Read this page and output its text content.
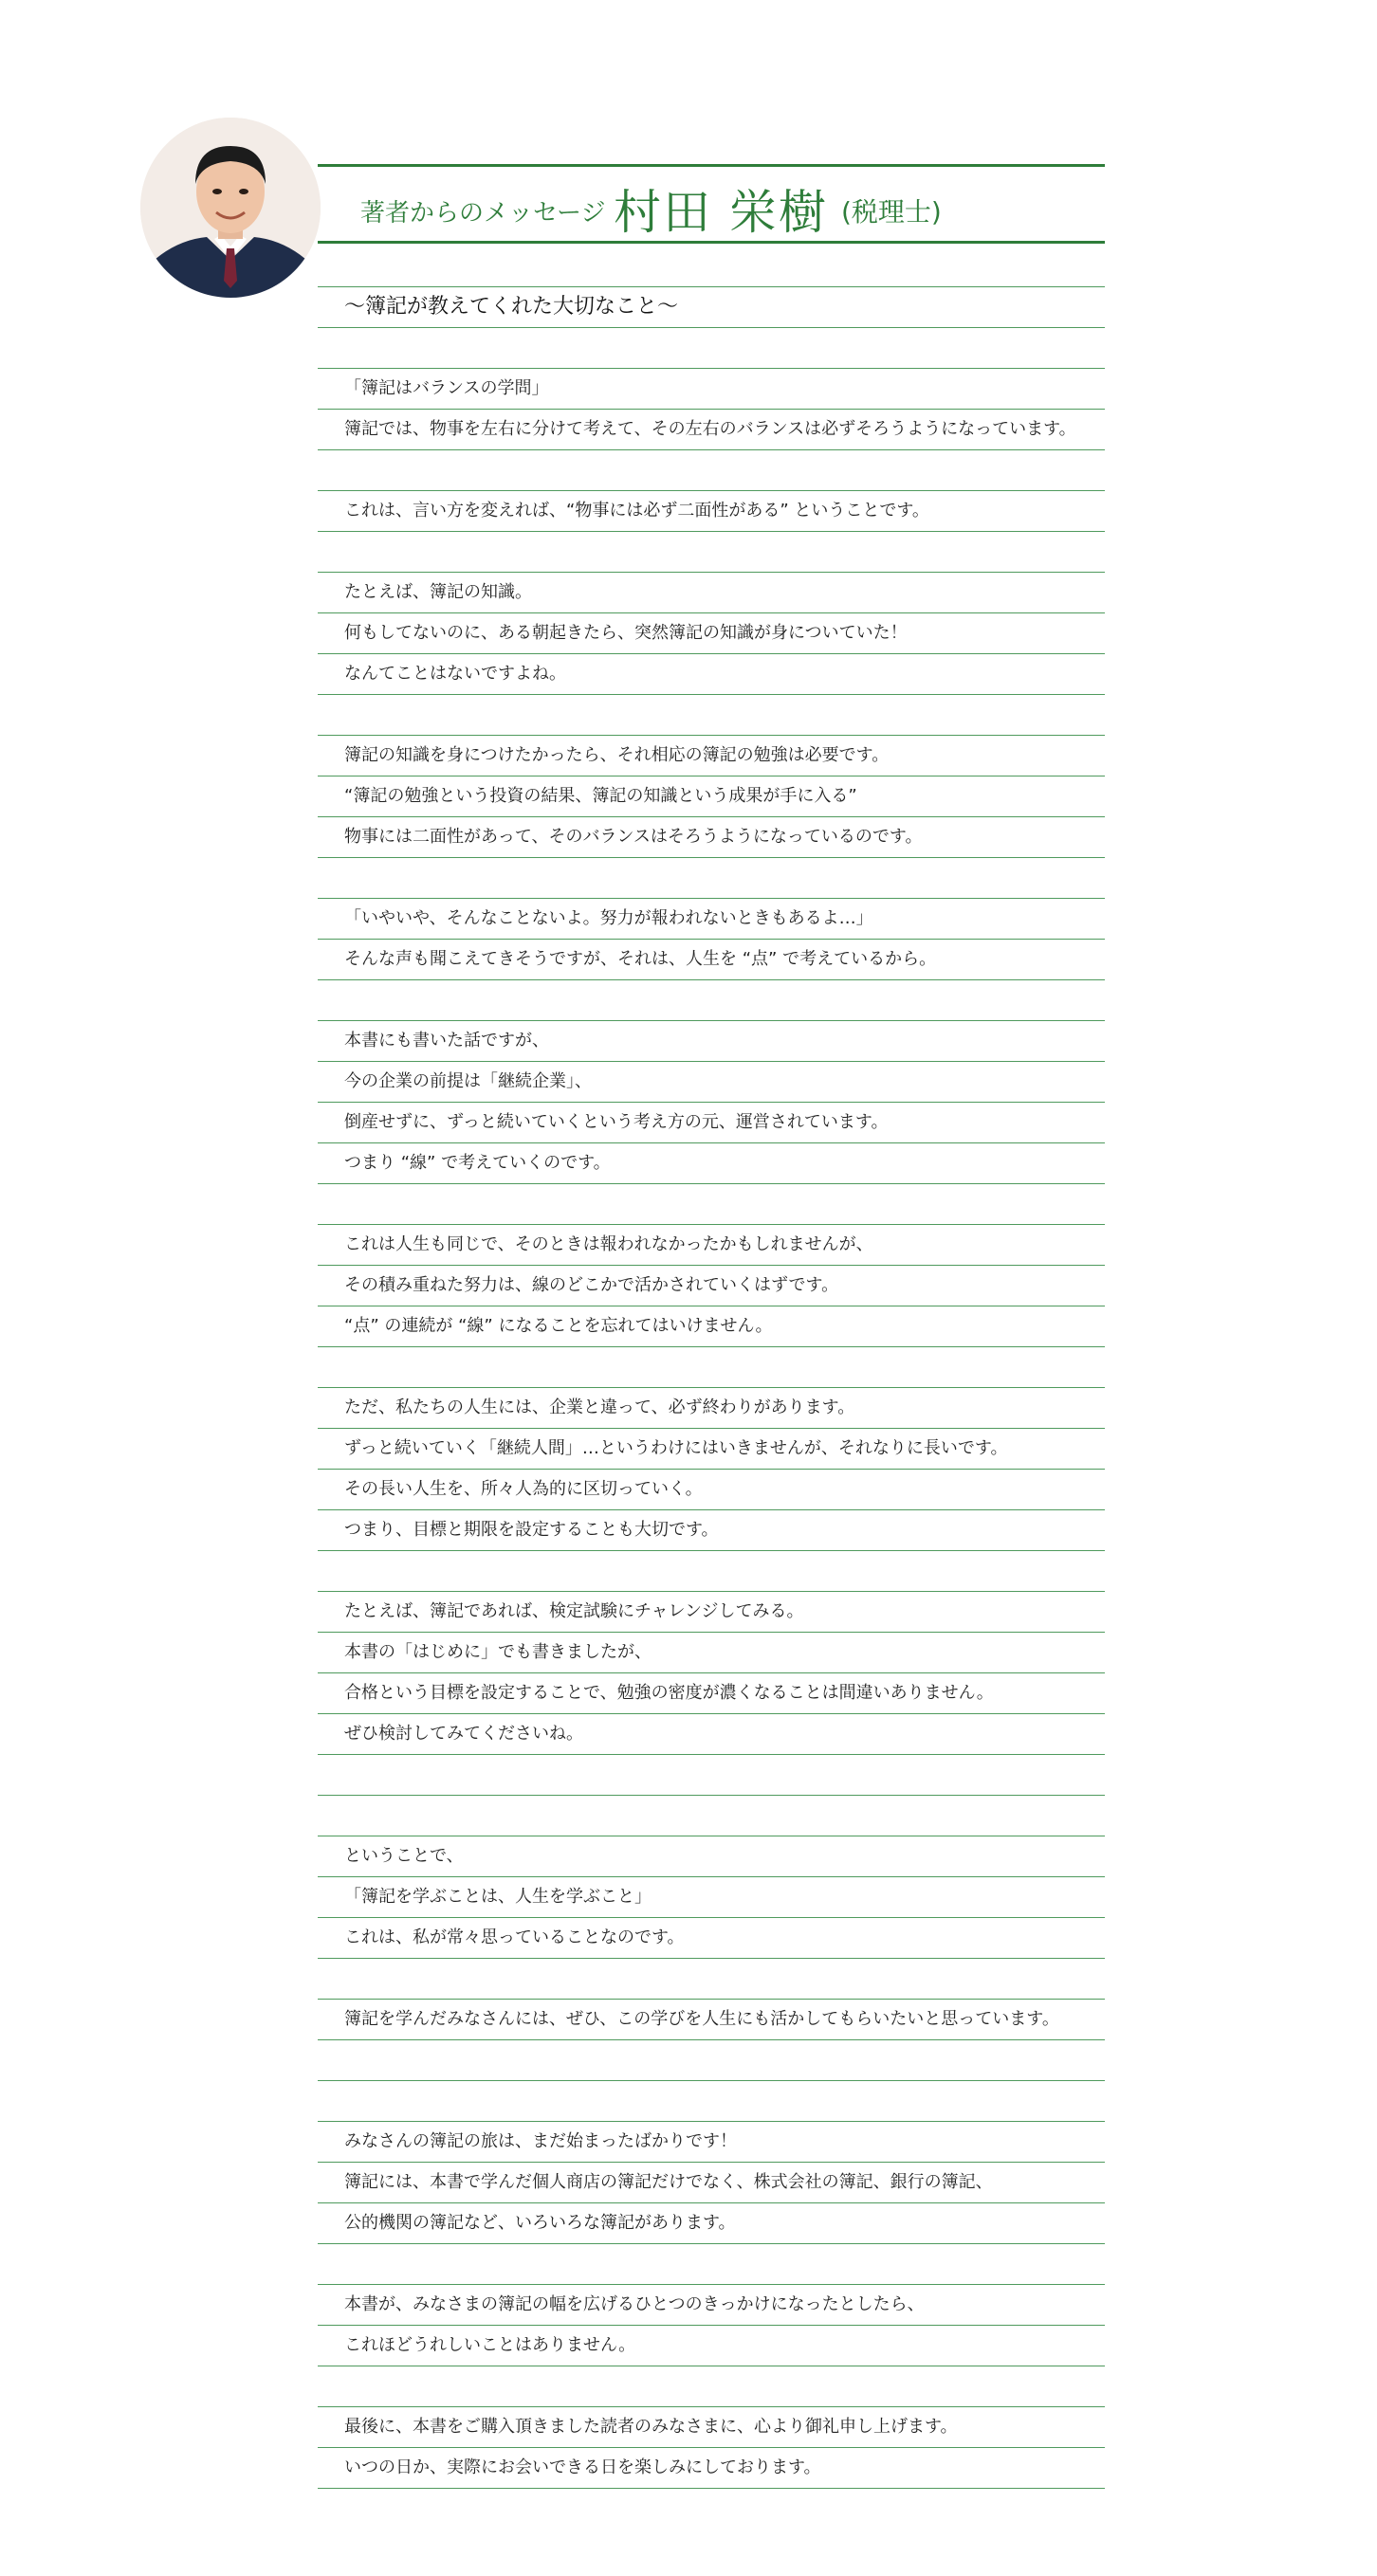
著者からのメッセージ 村田 栄樹 (税理士)
～簿記が教えてくれた大切なこと～
「簿記はバランスの学問」
簿記では、物事を左右に分けて考えて、その左右のバランスは必ずそろうようになっています。
これは、言い方を変えれば、“物事には必ず二面性がある” ということです。
たとえば、簿記の知識。
何もしてないのに、ある朝起きたら、突然簿記の知識が身についていた！
なんてことはないですよね。
簿記の知識を身につけたかったら、それ相応の簿記の勉強は必要です。
“簿記の勉強という投資の結果、簿記の知識という成果が手に入る”
物事には二面性があって、そのバランスはそろうようになっているのです。
「いやいや、そんなことないよ。努力が報われないときもあるよ…」
そんな声も聞こえてきそうですが、それは、人生を “点” で考えているから。
本書にも書いた話ですが、
今の企業の前提は「継続企業」、
倒産せずに、ずっと続いていくという考え方の元、運営されています。
つまり “線” で考えていくのです。
これは人生も同じで、そのときは報われなかったかもしれませんが、
その積み重ねた努力は、線のどこかで活かされていくはずです。
“点” の連続が “線” になることを忘れてはいけません。
ただ、私たちの人生には、企業と違って、必ず終わりがあります。
ずっと続いていく「継続人間」…というわけにはいきませんが、それなりに長いです。
その長い人生を、所々人為的に区切っていく。
つまり、目標と期限を設定することも大切です。
たとえば、簿記であれば、検定試験にチャレンジしてみる。
本書の「はじめに」でも書きましたが、
合格という目標を設定することで、勉強の密度が濃くなることは間違いありません。
ぜひ検討してみてくださいね。
ということで、
「簿記を学ぶことは、人生を学ぶこと」
これは、私が常々思っていることなのです。
簿記を学んだみなさんには、ぜひ、この学びを人生にも活かしてもらいたいと思っています。
みなさんの簿記の旅は、まだ始まったばかりです！
簿記には、本書で学んだ個人商店の簿記だけでなく、株式会社の簿記、銀行の簿記、
公的機関の簿記など、いろいろな簿記があります。
本書が、みなさまの簿記の幅を広げるひとつのきっかけになったとしたら、
これほどうれしいことはありません。
最後に、本書をご購入頂きました読者のみなさまに、心より御礼申し上げます。
いつの日か、実際にお会いできる日を楽しみにしております。
